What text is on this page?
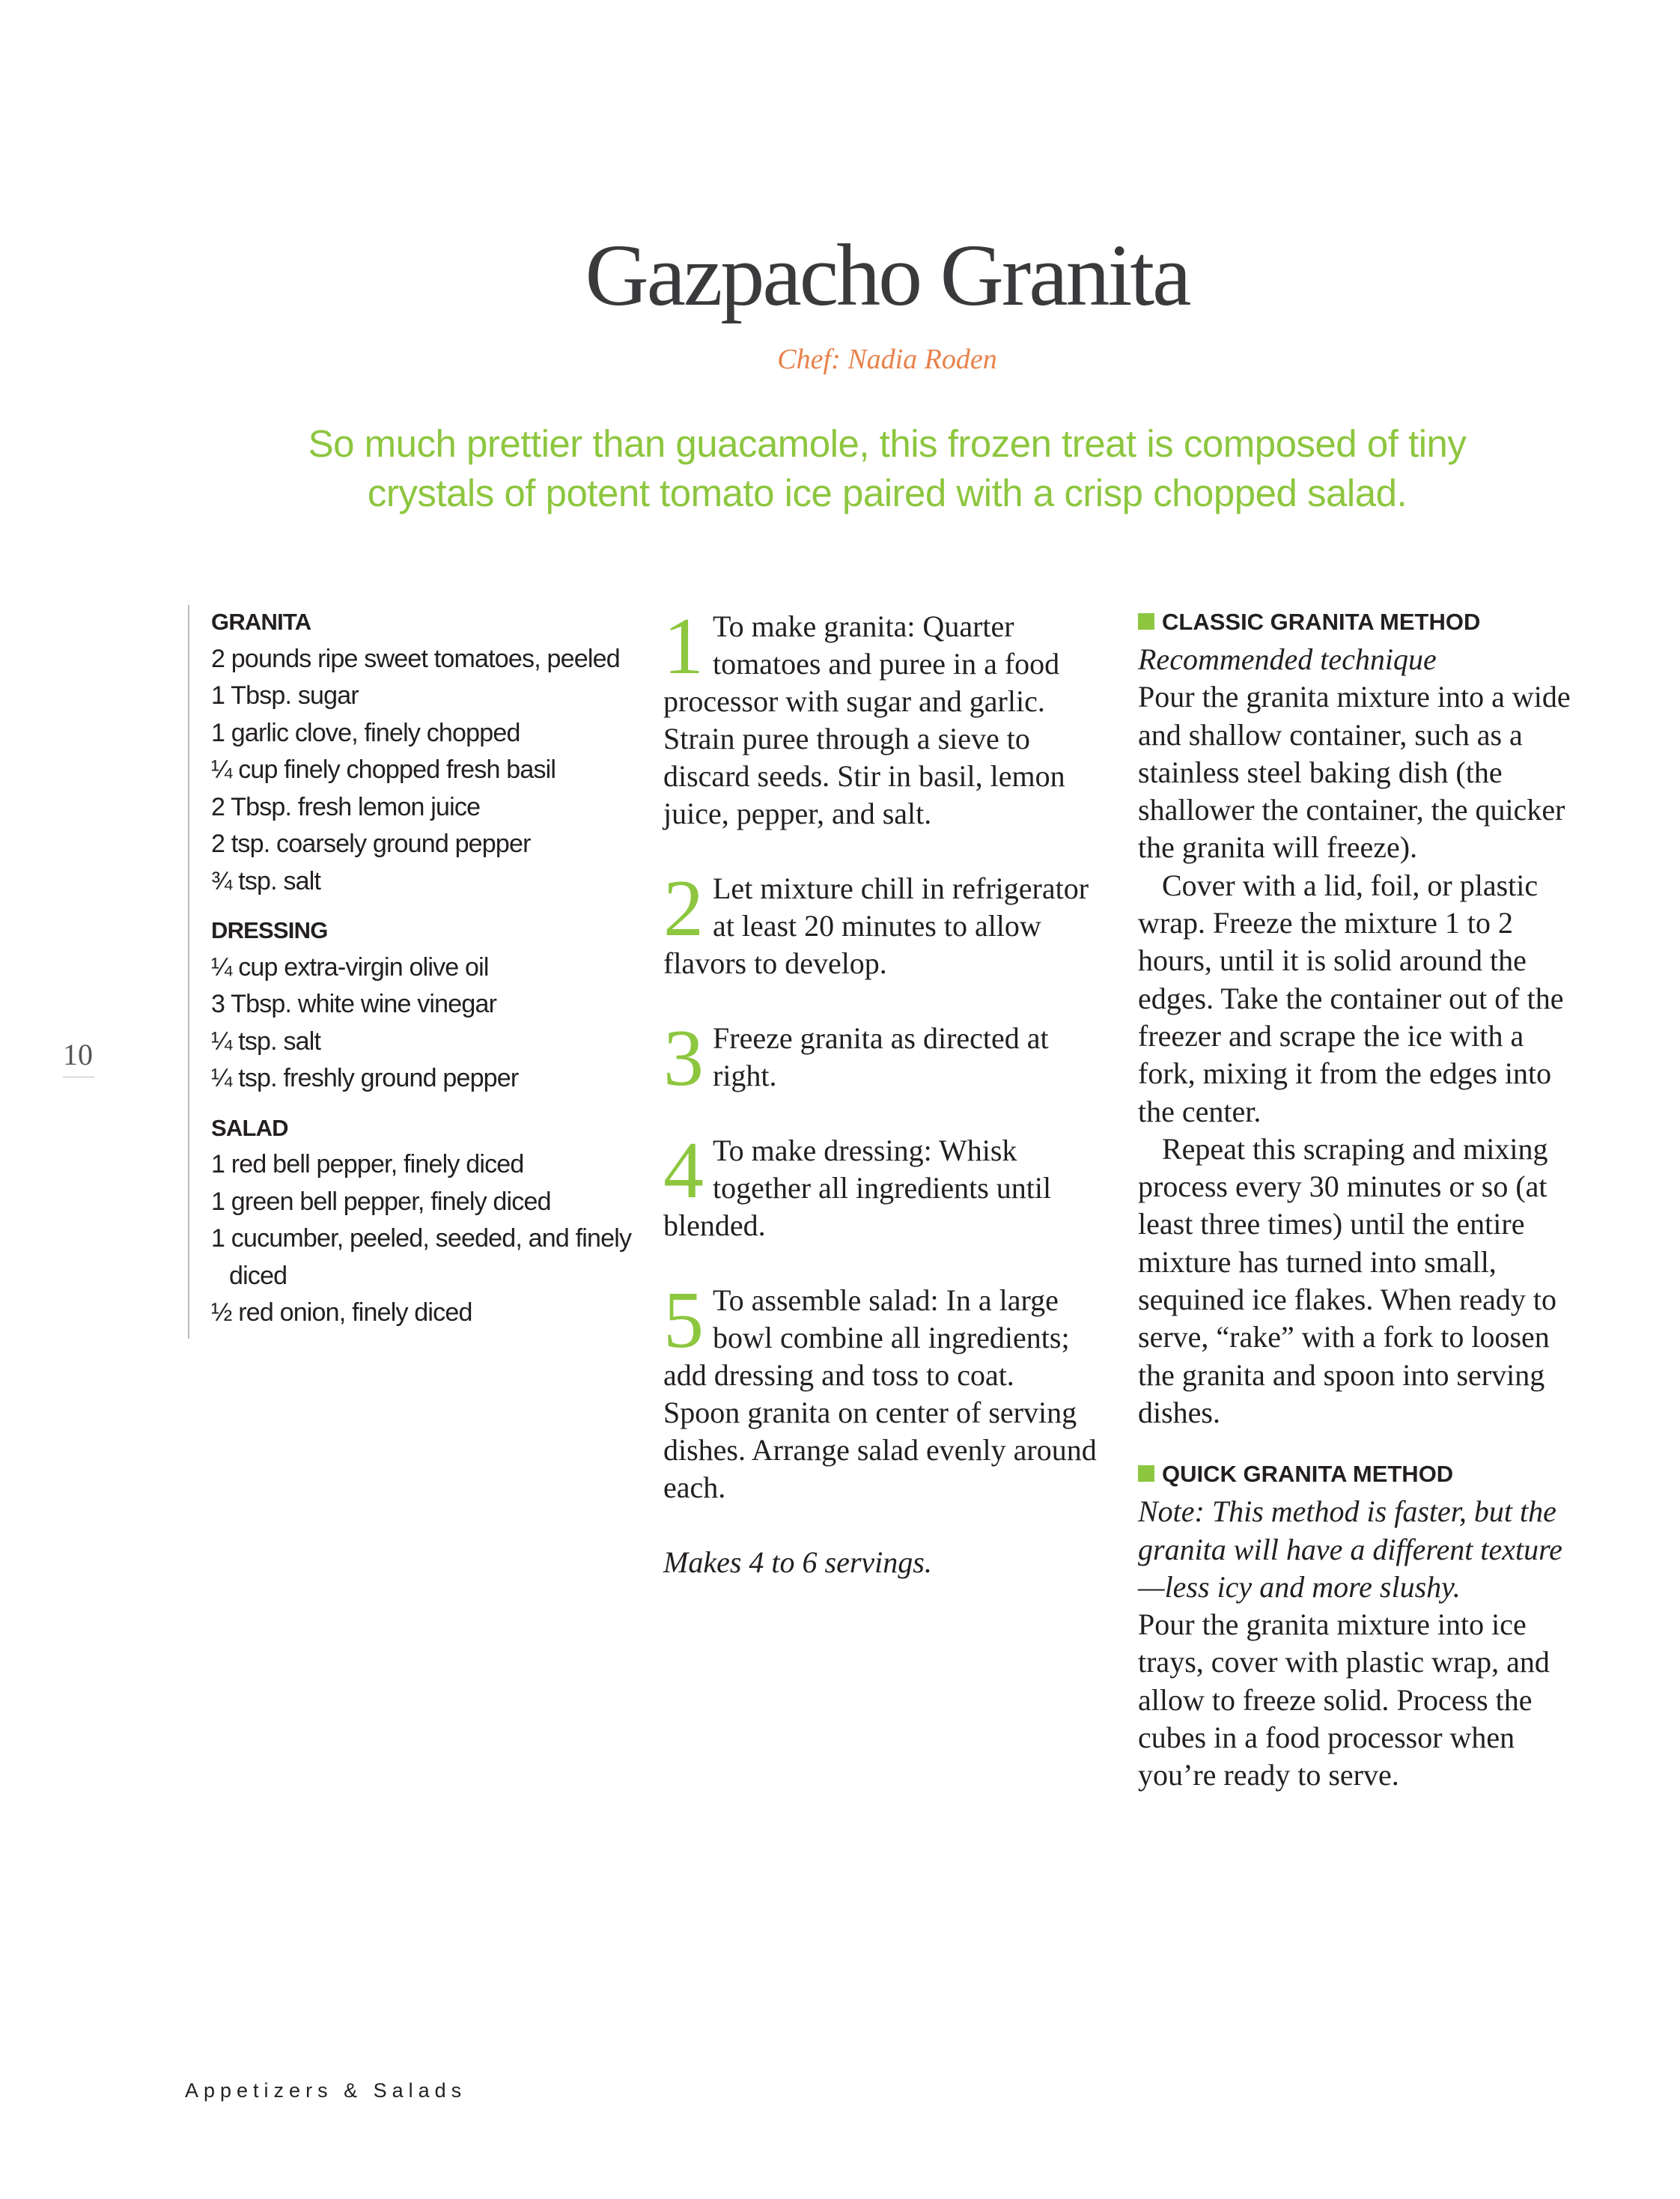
Gazpacho Granita
Chef: Nadia Roden
So much prettier than guacamole, this frozen treat is composed of tiny crystals of potent tomato ice paired with a crisp chopped salad.
10
GRANITA
2 pounds ripe sweet tomatoes, peeled
1 Tbsp. sugar
1 garlic clove, finely chopped
¼ cup finely chopped fresh basil
2 Tbsp. fresh lemon juice
2 tsp. coarsely ground pepper
¾ tsp. salt
DRESSING
¼ cup extra-virgin olive oil
3 Tbsp. white wine vinegar
¼ tsp. salt
¼ tsp. freshly ground pepper
SALAD
1 red bell pepper, finely diced
1 green bell pepper, finely diced
1 cucumber, peeled, seeded, and finely diced
½ red onion, finely diced
1 To make granita: Quarter tomatoes and puree in a food processor with sugar and garlic. Strain puree through a sieve to discard seeds. Stir in basil, lemon juice, pepper, and salt.
2 Let mixture chill in refrigerator at least 20 minutes to allow flavors to develop.
3 Freeze granita as directed at right.
4 To make dressing: Whisk together all ingredients until blended.
5 To assemble salad: In a large bowl combine all ingredients; add dressing and toss to coat. Spoon granita on center of serving dishes. Arrange salad evenly around each.
Makes 4 to 6 servings.
CLASSIC GRANITA METHOD
Recommended technique
Pour the granita mixture into a wide and shallow container, such as a stainless steel baking dish (the shallower the container, the quicker the granita will freeze).
Cover with a lid, foil, or plastic wrap. Freeze the mixture 1 to 2 hours, until it is solid around the edges. Take the container out of the freezer and scrape the ice with a fork, mixing it from the edges into the center.
Repeat this scraping and mixing process every 30 minutes or so (at least three times) until the entire mixture has turned into small, sequined ice flakes. When ready to serve, “rake” with a fork to loosen the granita and spoon into serving dishes.
QUICK GRANITA METHOD
Note: This method is faster, but the granita will have a different texture—less icy and more slushy.
Pour the granita mixture into ice trays, cover with plastic wrap, and allow to freeze solid. Process the cubes in a food processor when you’re ready to serve.
Appetizers & Salads
